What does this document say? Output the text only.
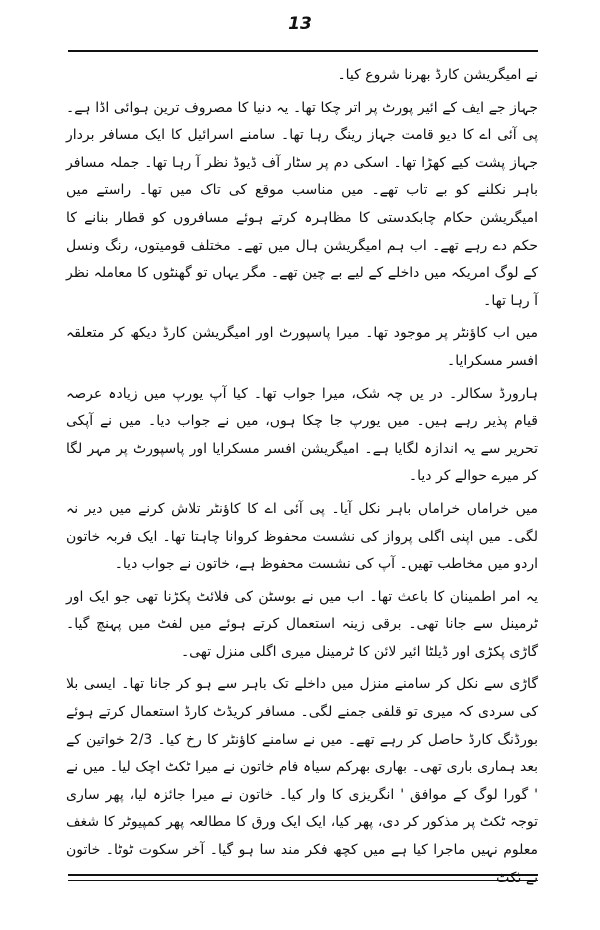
13

نے امیگریشن کارڈ بھرنا شروع کیا۔

جہاز جے ایف کے ائیر پورٹ پر اتر چکا تھا۔ یہ دنیا کا مصروف ترین ہوائی اڈا ہے۔ پی آئی اے کا دیو قامت جہاز رینگ رہا تھا۔ سامنے اسرائیل کا ایک مسافر بردار جہاز پشت کیے کھڑا تھا۔ اسکی دم پر سٹار آف ڈیوڈ نظر آ رہا تھا۔ جملہ مسافر باہر نکلنے کو بے تاب تھے۔ میں مناسب موقع کی تاک میں تھا۔ راستے میں امیگریشن حکام چابکدستی کا مظاہرہ کرتے ہوئے مسافروں کو قطار بنانے کا حکم دے رہے تھے۔ اب ہم امیگریشن ہال میں تھے۔ مختلف قومیتوں، رنگ ونسل کے لوگ امریکہ میں داخلے کے لیے بے چین تھے۔ مگر یہاں تو گھنٹوں کا معاملہ نظر آ رہا تھا۔

میں اب کاؤنٹر پر موجود تھا۔ میرا پاسپورٹ اور امیگریشن کارڈ دیکھ کر متعلقہ افسر مسکرایا۔

ہارورڈ سکالر۔ در یں چہ شک، میرا جواب تھا۔ کیا آپ یورپ میں زیادہ عرصہ قیام پذیر رہے ہیں۔ میں یورپ جا چکا ہوں، میں نے جواب دیا۔ میں نے آپکی تحریر سے یہ اندازہ لگایا ہے۔ امیگریشن افسر مسکرایا اور پاسپورٹ پر مہر لگا کر میرے حوالے کر دیا۔

میں خراماں خراماں باہر نکل آیا۔ پی آئی اے کا کاؤنٹر تلاش کرنے میں دیر نہ لگی۔ میں اپنی اگلی پرواز کی نشست محفوظ کروانا چاہتا تھا۔ ایک فربہ خاتون اردو میں مخاطب تھیں۔ آپ کی نشست محفوظ ہے، خاتون نے جواب دیا۔

یہ امر اطمینان کا باعث تھا۔ اب میں نے بوسٹن کی فلائٹ پکڑنا تھی جو ایک اور ٹرمینل سے جانا تھی۔ برقی زینہ استعمال کرتے ہوئے میں لفٹ میں پہنچ گیا۔ گاڑی پکڑی اور ڈیلٹا ائیر لائن کا ٹرمینل میری اگلی منزل تھی۔

گاڑی سے نکل کر سامنے منزل میں داخلے تک باہر سے ہو کر جانا تھا۔ ایسی بلا کی سردی کہ میری تو قلفی جمنے لگی۔ مسافر کریڈٹ کارڈ استعمال کرتے ہوئے بورڈنگ کارڈ حاصل کر رہے تھے۔ میں نے سامنے کاؤنٹر کا رخ کیا۔ 2/3 خواتین کے بعد ہماری باری تھی۔ بھاری بھرکم سیاہ فام خاتون نے میرا ٹکٹ اچک لیا۔ میں نے ' گورا لوگ کے موافق ' انگریزی کا وار کیا۔ خاتون نے میرا جائزہ لیا، پھر ساری توجہ ٹکٹ پر مذکور کر دی، پھر کیا، ایک ایک ورق کا مطالعہ پھر کمپیوٹر کا شغف معلوم نہیں ماجرا کیا ہے میں کچھ فکر مند سا ہو گیا۔ آخر سکوت ٹوٹا۔ خاتون نے ٹکٹ
